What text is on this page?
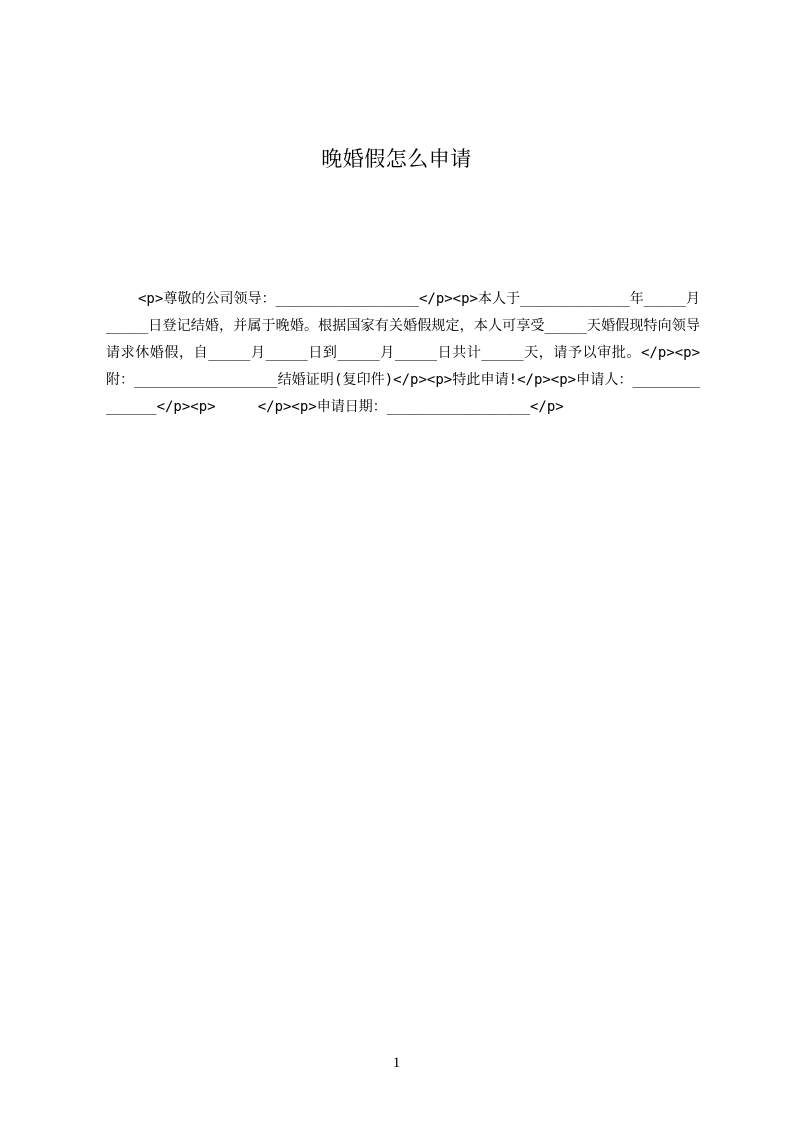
晚婚假怎么申请

<p>尊敬的公司领导：_________________</p><p>本人于_____________年_____月_____日登记结婚，并属于晚婚。根据国家有关婚假规定，本人可享受_____天婚假现特向领导请求休婚假，自_____月_____日到_____月_____日共计_____天，请予以审批。</p><p>附：_________________结婚证明(复印件)</p><p>特此申请!</p><p>申请人：______________</p><p>     </p><p>申请日期：_________________</p>

1
